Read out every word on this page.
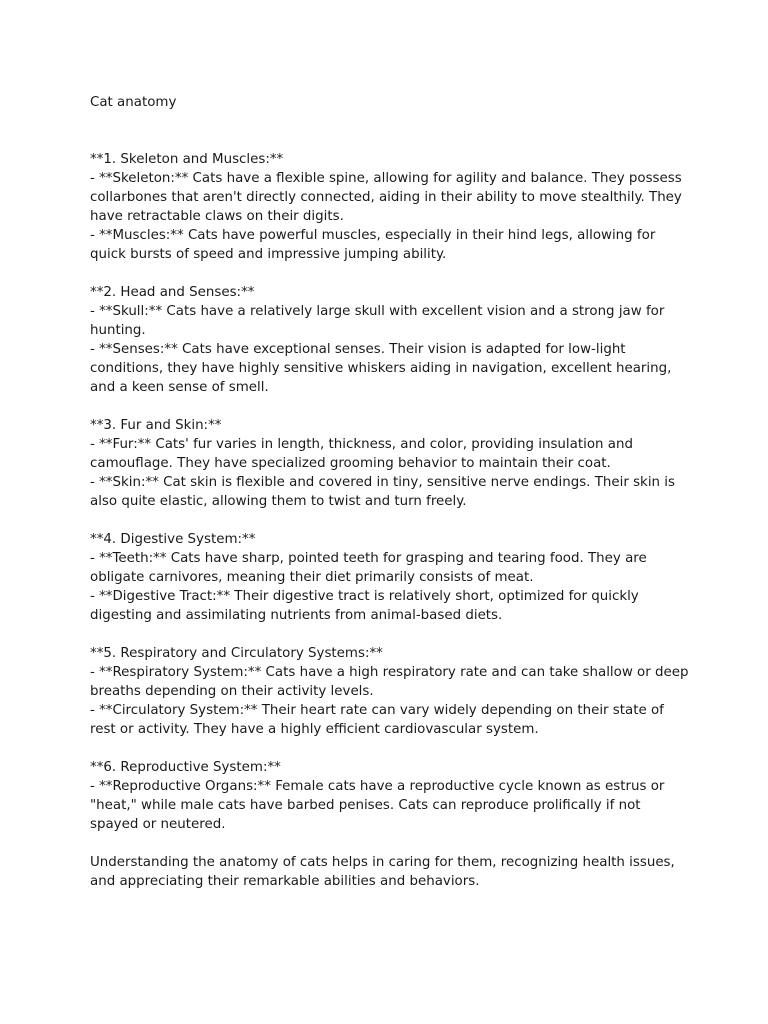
Cat anatomy

**1. Skeleton and Muscles:**

- **Skeleton:** Cats have a flexible spine, allowing for agility and balance. They possess collarbones that aren't directly connected, aiding in their ability to move stealthily. They have retractable claws on their digits.

- **Muscles:** Cats have powerful muscles, especially in their hind legs, allowing for quick bursts of speed and impressive jumping ability.

**2. Head and Senses:**

- **Skull:** Cats have a relatively large skull with excellent vision and a strong jaw for hunting.

- **Senses:** Cats have exceptional senses. Their vision is adapted for low-light conditions, they have highly sensitive whiskers aiding in navigation, excellent hearing, and a keen sense of smell.

**3. Fur and Skin:**

- **Fur:** Cats' fur varies in length, thickness, and color, providing insulation and camouflage. They have specialized grooming behavior to maintain their coat.

- **Skin:** Cat skin is flexible and covered in tiny, sensitive nerve endings. Their skin is also quite elastic, allowing them to twist and turn freely.

**4. Digestive System:**

- **Teeth:** Cats have sharp, pointed teeth for grasping and tearing food. They are obligate carnivores, meaning their diet primarily consists of meat.

- **Digestive Tract:** Their digestive tract is relatively short, optimized for quickly digesting and assimilating nutrients from animal-based diets.

**5. Respiratory and Circulatory Systems:**

- **Respiratory System:** Cats have a high respiratory rate and can take shallow or deep breaths depending on their activity levels.

- **Circulatory System:** Their heart rate can vary widely depending on their state of rest or activity. They have a highly efficient cardiovascular system.

**6. Reproductive System:**

- **Reproductive Organs:** Female cats have a reproductive cycle known as estrus or "heat," while male cats have barbed penises. Cats can reproduce prolifically if not spayed or neutered.

Understanding the anatomy of cats helps in caring for them, recognizing health issues, and appreciating their remarkable abilities and behaviors.
